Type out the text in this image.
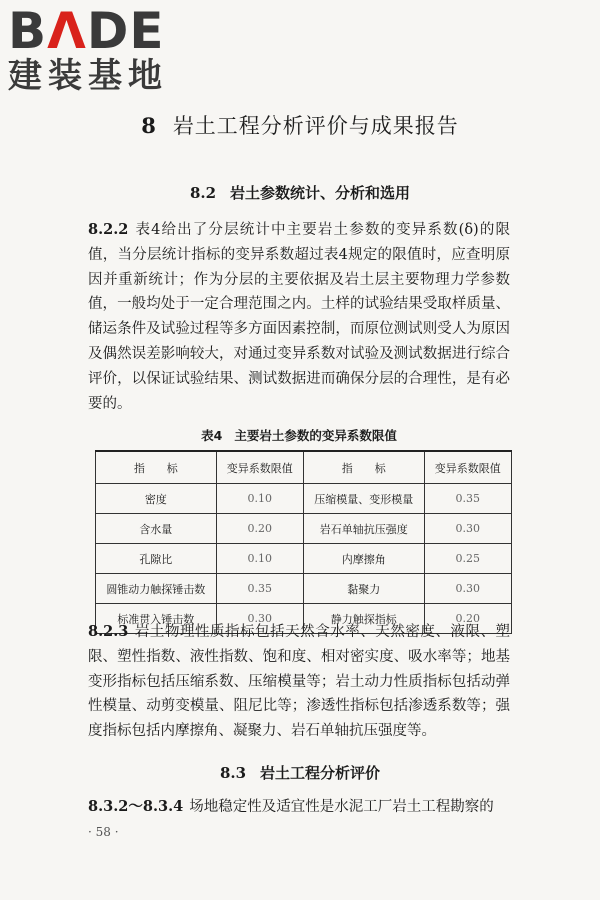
BΛDE
建装基地
8 岩土工程分析评价与成果报告
8.2 岩土参数统计、分析和选用
8.2.2 表4给出了分层统计中主要岩土参数的变异系数(δ)的限值，当分层统计指标的变异系数超过表4规定的限值时，应查明原因并重新统计；作为分层的主要依据及岩土层主要物理力学参数值，一般均处于一定合理范围之内。土样的试验结果受取样质量、储运条件及试验过程等多方面因素控制，而原位测试则受人为原因及偶然误差影响较大，对通过变异系数对试验及测试数据进行综合评价，以保证试验结果、测试数据进而确保分层的合理性，是有必要的。
表4 主要岩土参数的变异系数限值
指　　标	变异系数限值	指　　标	变异系数限值
密度	0.10	压缩模量、变形模量	0.35
含水量	0.20	岩石单轴抗压强度	0.30
孔隙比	0.10	内摩擦角	0.25
圆锥动力触探锤击数	0.35	黏聚力	0.30
标准贯入锤击数	0.30	静力触探指标	0.20
8.2.3 岩土物理性质指标包括天然含水率、天然密度、液限、塑限、塑性指数、液性指数、饱和度、相对密实度、吸水率等；地基变形指标包括压缩系数、压缩模量等；岩土动力性质指标包括动弹性模量、动剪变模量、阻尼比等；渗透性指标包括渗透系数等；强度指标包括内摩擦角、凝聚力、岩石单轴抗压强度等。
8.3 岩土工程分析评价
8.3.2～8.3.4 场地稳定性及适宜性是水泥工厂岩土工程勘察的
· 58 ·
